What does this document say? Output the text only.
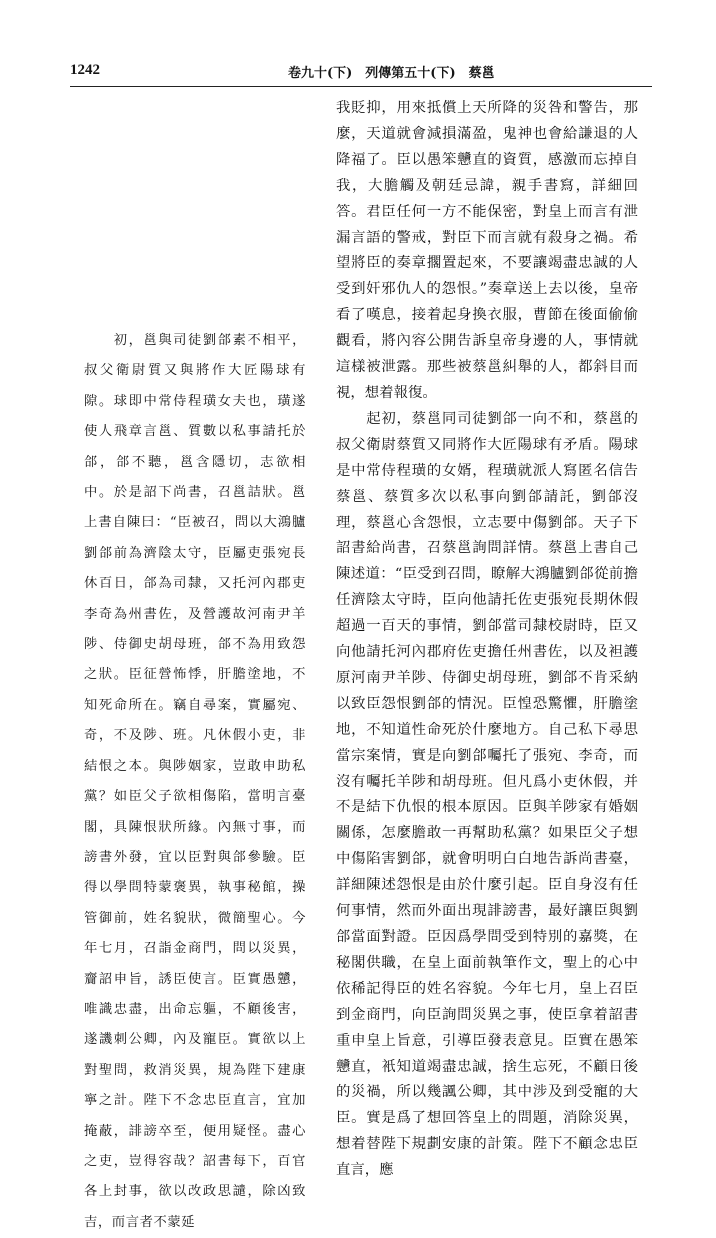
1242	卷九十(下)　列傳第五十(下)　蔡邕

　　初，邕與司徒劉郃素不相平，叔父衛尉質又與將作大匠陽球有隙。球即中常侍程璜女夫也，璜遂使人飛章言邕、質數以私事請托於郃，郃不聽，邕含隱切，志欲相中。於是詔下尚書，召邕詰狀。邕上書自陳曰：“臣被召，問以大鴻臚劉郃前為濟陰太守，臣屬吏張宛長休百日，郃為司隸，又托河內郡吏李奇為州書佐，及營護故河南尹羊陟、侍御史胡母班，郃不為用致怨之狀。臣征營怖悸，肝膽塗地，不知死命所在。竊自尋案，實屬宛、奇，不及陟、班。凡休假小吏，非結恨之本。與陟姻家，豈敢申助私黨？如臣父子欲相傷陷，當明言臺閣，具陳恨狀所緣。內無寸事，而謗書外發，宜以臣對與郃參驗。臣得以學問特蒙褒異，執事秘館，操管御前，姓名貌狀，微簡聖心。今年七月，召詣金商門，問以災異，齎詔申旨，誘臣使言。臣實愚戇，唯識忠盡，出命忘軀，不顧後害，遂譏刺公卿，內及寵臣。實欲以上對聖問，救消災異，規為陛下建康寧之計。陛下不念忠臣直言，宜加掩蔽，誹謗卒至，便用疑怪。盡心之吏，豈得容哉？詔書每下，百官各上封事，欲以改政思譴，除凶致吉，而言者不蒙延

我貶抑，用來抵償上天所降的災咎和警告，那麼，天道就會減損滿盈，鬼神也會給謙退的人降福了。臣以愚笨戇直的資質，感激而忘掉自我，大膽觸及朝廷忌諱，親手書寫，詳細回答。君臣任何一方不能保密，對皇上而言有泄漏言語的警戒，對臣下而言就有殺身之禍。希望將臣的奏章擱置起來，不要讓竭盡忠誠的人受到奸邪仇人的怨恨。”奏章送上去以後，皇帝看了嘆息，接着起身換衣服，曹節在後面偷偷觀看，將內容公開告訴皇帝身邊的人，事情就這樣被泄露。那些被蔡邕糾舉的人，都斜目而視，想着報復。

　　起初，蔡邕同司徒劉郃一向不和，蔡邕的叔父衛尉蔡質又同將作大匠陽球有矛盾。陽球是中常侍程璜的女婿，程璜就派人寫匿名信告蔡邕、蔡質多次以私事向劉郃請託，劉郃沒理，蔡邕心含怨恨，立志要中傷劉郃。天子下詔書給尚書，召蔡邕詢問詳情。蔡邕上書自己陳述道：“臣受到召問，瞭解大鴻臚劉郃從前擔任濟陰太守時，臣向他請托佐吏張宛長期休假超過一百天的事情，劉郃當司隸校尉時，臣又向他請托河內郡府佐吏擔任州書佐，以及袒護原河南尹羊陟、侍御史胡母班，劉郃不肯采納以致臣怨恨劉郃的情況。臣惶恐驚懼，肝膽塗地，不知道性命死於什麼地方。自己私下尋思當宗案情，實是向劉郃囑托了張宛、李奇，而沒有囑托羊陟和胡母班。但凡爲小吏休假，并不是結下仇恨的根本原因。臣與羊陟家有婚姻關係，怎麼膽敢一再幫助私黨？如果臣父子想中傷陷害劉郃，就會明明白白地告訴尚書臺，詳細陳述怨恨是由於什麼引起。臣自身沒有任何事情，然而外面出現誹謗書，最好讓臣與劉郃當面對證。臣因爲學問受到特別的嘉獎，在秘閣供職，在皇上面前執筆作文，聖上的心中依稀記得臣的姓名容貌。今年七月，皇上召臣到金商門，向臣詢問災異之事，使臣拿着詔書重申皇上旨意，引導臣發表意見。臣實在愚笨戇直，衹知道竭盡忠誠，捨生忘死，不顧日後的災禍，所以幾諷公卿，其中涉及到受寵的大臣。實是爲了想回答皇上的問題，消除災異，想着替陛下規劃安康的計策。陛下不顧念忠臣直言，應
